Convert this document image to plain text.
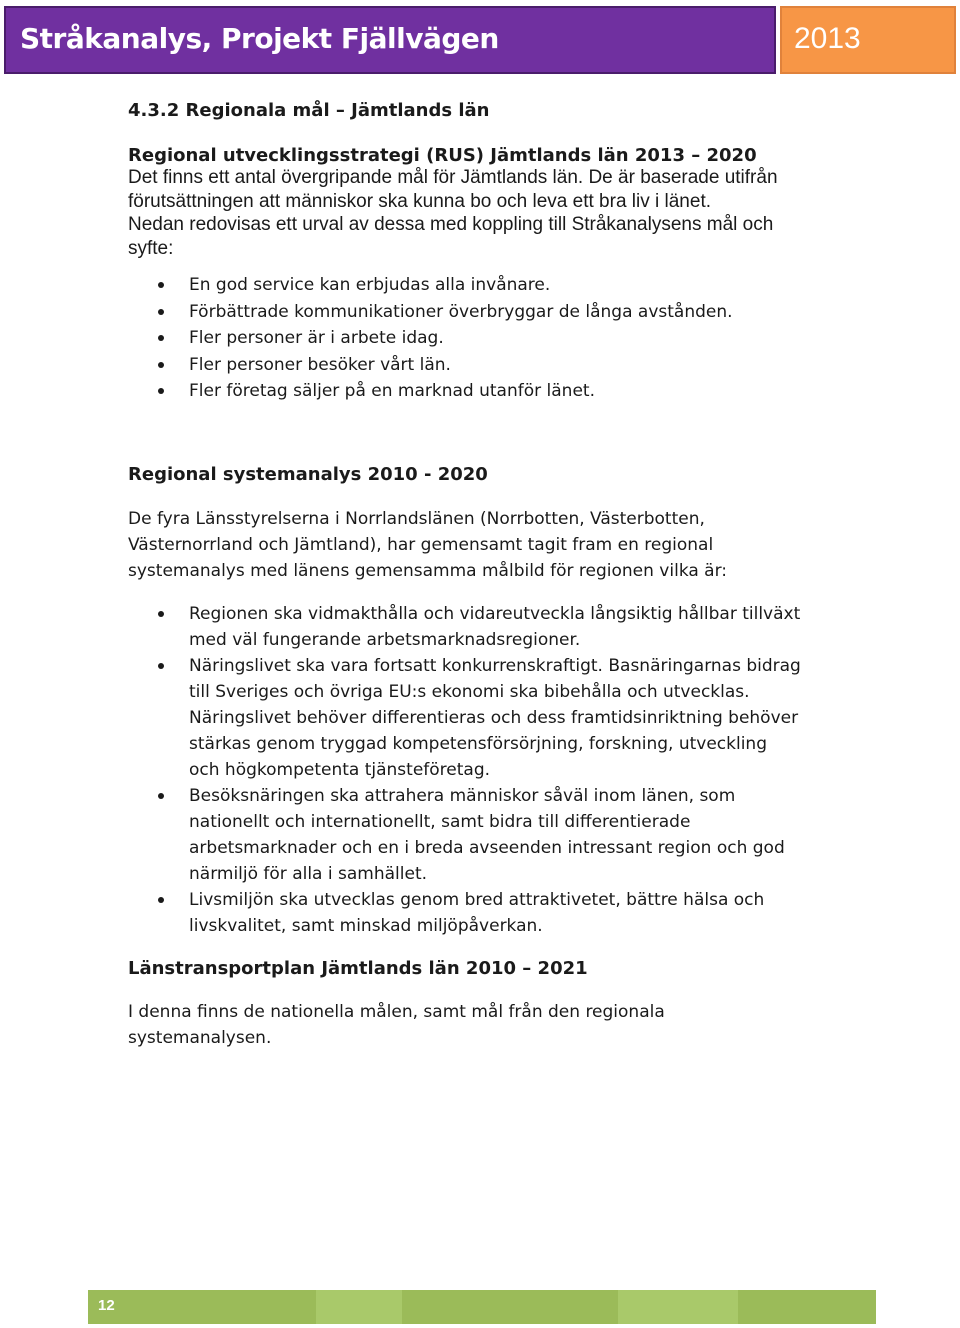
Stråkanalys, Projekt Fjällvägen	2013
4.3.2 Regionala mål – Jämtlands län
Regional utvecklingsstrategi (RUS) Jämtlands län 2013 – 2020
Det finns ett antal övergripande mål för Jämtlands län. De är baserade utifrån
förutsättningen att människor ska kunna bo och leva ett bra liv i länet.
Nedan redovisas ett urval av dessa med koppling till Stråkanalysens mål och
syfte:
En god service kan erbjudas alla invånare.
Förbättrade kommunikationer överbryggar de långa avstånden.
Fler personer är i arbete idag.
Fler personer besöker vårt län.
Fler företag säljer på en marknad utanför länet.
Regional systemanalys 2010 - 2020
De fyra Länsstyrelserna i Norrlandslänen (Norrbotten, Västerbotten,
Västernorrland och Jämtland), har gemensamt tagit fram en regional
systemanalys med länens gemensamma målbild för regionen vilka är:
Regionen ska vidmakthålla och vidareutveckla långsiktig hållbar tillväxt
med väl fungerande arbetsmarknadsregioner.
Näringslivet ska vara fortsatt konkurrenskraftigt. Basnäringarnas bidrag
till Sveriges och övriga EU:s ekonomi ska bibehålla och utvecklas.
Näringslivet behöver differentieras och dess framtidsinriktning behöver
stärkas genom tryggad kompetensförsörjning, forskning, utveckling
och högkompetenta tjänsteföretag.
Besöksnäringen ska attrahera människor såväl inom länen, som
nationellt och internationellt, samt bidra till differentierade
arbetsmarknader och en i breda avseenden intressant region och god
närmiljö för alla i samhället.
Livsmiljön ska utvecklas genom bred attraktivetet, bättre hälsa och
livskvalitet, samt minskad miljöpåverkan.
Länstransportplan Jämtlands län 2010 – 2021
I denna finns de nationella målen, samt mål från den regionala
systemanalysen.
12
